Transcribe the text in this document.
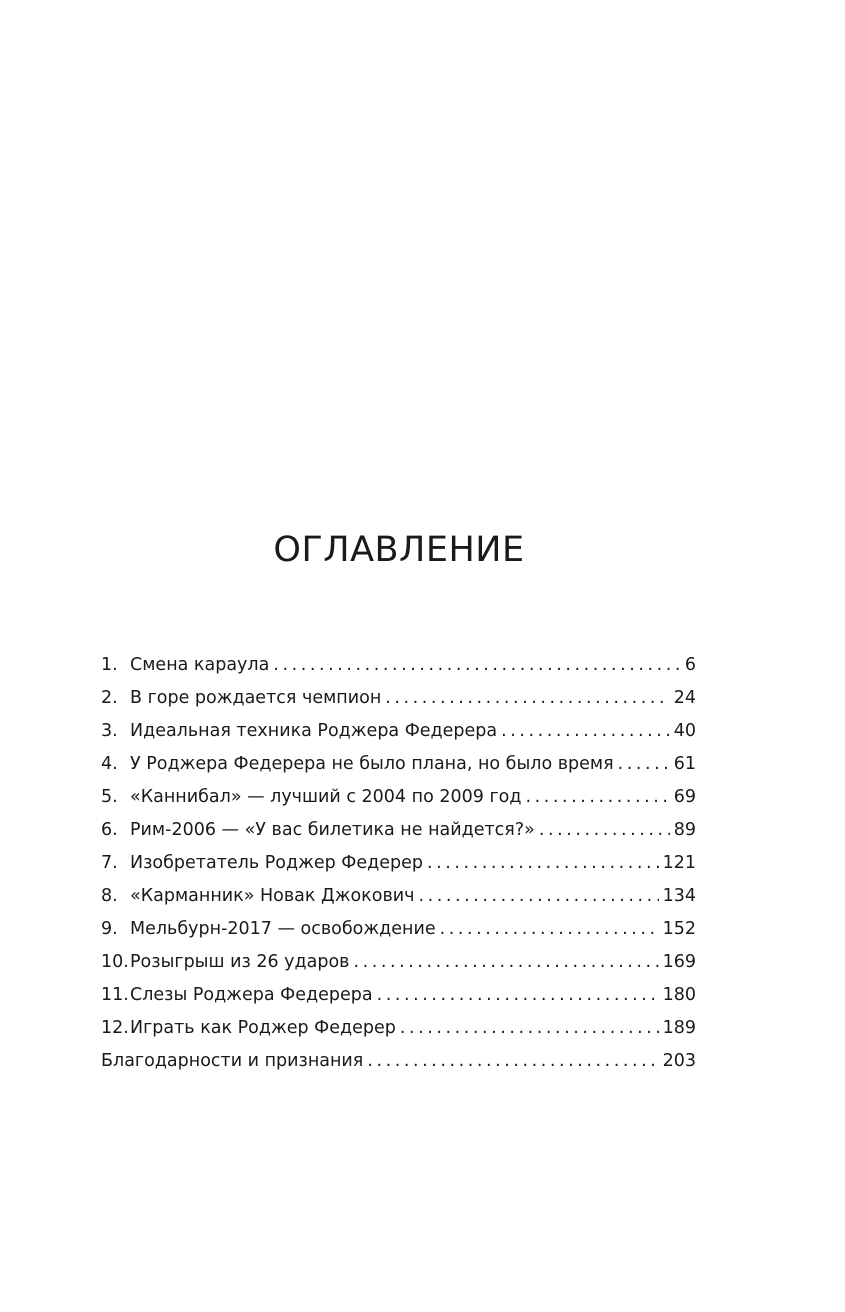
ОГЛАВЛЕНИЕ
1. Смена караула . . .	6
2. В горе рождается чемпион . . .	24
3. Идеальная техника Роджера Федерера . . .	40
4. У Роджера Федерера не было плана, но было время . . .	61
5. «Каннибал» — лучший с 2004 по 2009 год . . .	69
6. Рим-2006 — «У вас билетика не найдется?» . . .	89
7. Изобретатель Роджер Федерер . . .	121
8. «Карманник» Новак Джокович . . .	134
9. Мельбурн-2017 — освобождение . . .	152
10. Розыгрыш из 26 ударов . . .	169
11. Слезы Роджера Федерера . . .	180
12. Играть как Роджер Федерер . . .	189
Благодарности и признания . . .	203
